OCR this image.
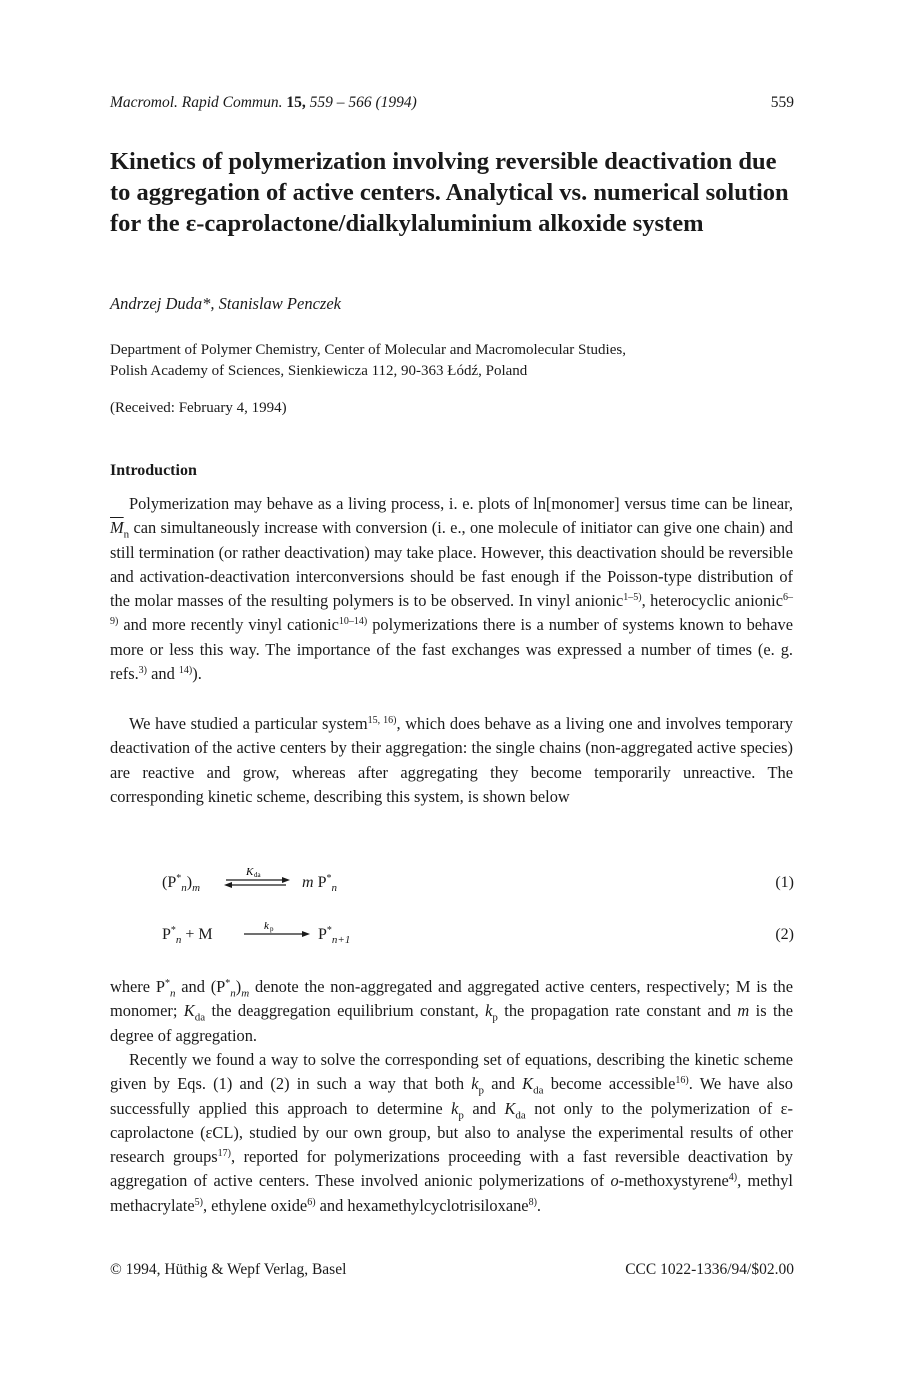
Macromol. Rapid Commun. 15, 559 – 566 (1994)	559
Kinetics of polymerization involving reversible deactivation due to aggregation of active centers. Analytical vs. numerical solution for the ε-caprolactone/dialkylaluminium alkoxide system
Andrzej Duda*, Stanislaw Penczek
Department of Polymer Chemistry, Center of Molecular and Macromolecular Studies,
Polish Academy of Sciences, Sienkiewicza 112, 90-363 Łódź, Poland
(Received: February 4, 1994)
Introduction

Polymerization may behave as a living process, i. e. plots of ln[monomer] versus time can be linear, $\overline{M}_n$ can simultaneously increase with conversion (i. e., one molecule of initiator can give one chain) and still termination (or rather deactivation) may take place. However, this deactivation should be reversible and activation-deactivation interconversions should be fast enough if the Poisson-type distribution of the molar masses of the resulting polymers is to be observed. In vinyl anionic$^{1-5)}$, heterocyclic anionic$^{6-9)}$ and more recently vinyl cationic$^{10-14)}$ polymerizations there is a number of systems known to behave more or less this way. The importance of the fast exchanges was expressed a number of times (e. g. refs.$^{3)}$ and $^{14)}$).

We have studied a particular system$^{15, 16)}$, which does behave as a living one and involves temporary deactivation of the active centers by their aggregation: the single chains (non-aggregated active species) are reactive and grow, whereas after aggregating they become temporarily unreactive. The corresponding kinetic scheme, describing this system, is shown below

$(P^*_n)_m$
K da	m $P^*_n$	(1)
$P^*_n + M$	k p	$P^*_{n+1}$	(2)

where $P^*_n$ and $(P^*_n)_m$ denote the non-aggregated and aggregated active centers, respectively; M is the monomer; $K_{da}$ the deaggregation equilibrium constant, $k_p$ the propagation rate constant and m is the degree of aggregation.

Recently we found a way to solve the corresponding set of equations, describing the kinetic scheme given by Eqs. (1) and (2) in such a way that both $k_p$ and $K_{da}$ become accessible$^{16)}$. We have also successfully applied this approach to determine $k_p$ and $K_{da}$ not only to the polymerization of ε-caprolactone (εCL), studied by our own group, but also to analyse the experimental results of other research groups$^{17)}$, reported for polymerizations proceeding with a fast reversible deactivation by aggregation of active centers. These involved anionic polymerizations of o-methoxystyrene$^{4)}$, methyl methacrylate$^{5)}$, ethylene oxide$^{6)}$ and hexamethylcyclotrisiloxane$^{8)}$.

© 1994, Hüthig & Wepf Verlag, Basel	CCC 1022-1336/94/$02.00
